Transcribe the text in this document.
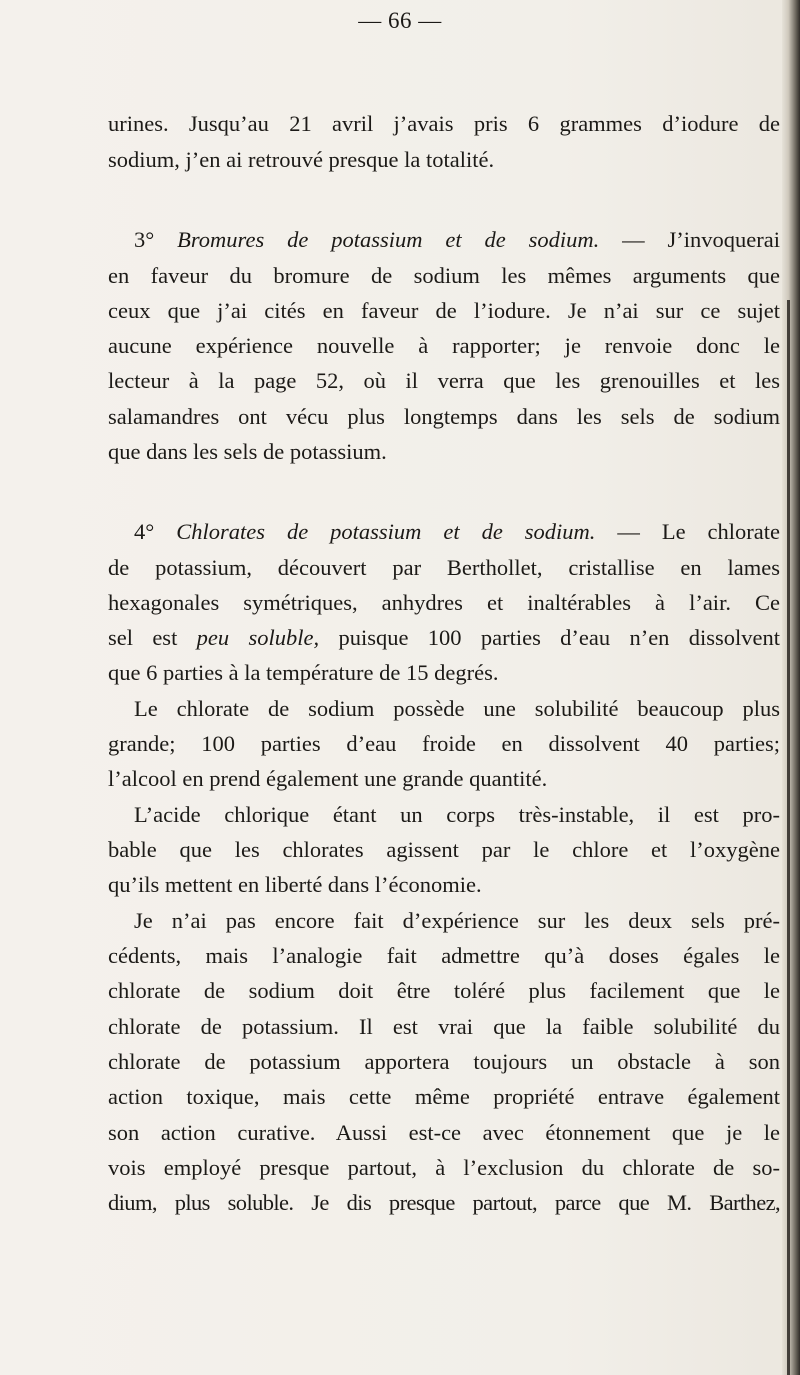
— 66 —
urines. Jusqu’au 21 avril j’avais pris 6 grammes d’iodure de
sodium, j’en ai retrouvé presque la totalité.
3° Bromures de potassium et de sodium. — J’invoquerai
en faveur du bromure de sodium les mêmes arguments que
ceux que j’ai cités en faveur de l’iodure. Je n’ai sur ce sujet
aucune expérience nouvelle à rapporter; je renvoie donc le
lecteur à la page 52, où il verra que les grenouilles et les
salamandres ont vécu plus longtemps dans les sels de sodium
que dans les sels de potassium.
4° Chlorates de potassium et de sodium. — Le chlorate
de potassium, découvert par Berthollet, cristallise en lames
hexagonales symétriques, anhydres et inaltérables à l’air. Ce
sel est peu soluble, puisque 100 parties d’eau n’en dissolvent
que 6 parties à la température de 15 degrés.
Le chlorate de sodium possède une solubilité beaucoup plus
grande; 100 parties d’eau froide en dissolvent 40 parties;
l’alcool en prend également une grande quantité.
L’acide chlorique étant un corps très-instable, il est pro-
bable que les chlorates agissent par le chlore et l’oxygène
qu’ils mettent en liberté dans l’économie.
Je n’ai pas encore fait d’expérience sur les deux sels pré-
cédents, mais l’analogie fait admettre qu’à doses égales le
chlorate de sodium doit être toléré plus facilement que le
chlorate de potassium. Il est vrai que la faible solubilité du
chlorate de potassium apportera toujours un obstacle à son
action toxique, mais cette même propriété entrave également
son action curative. Aussi est-ce avec étonnement que je le
vois employé presque partout, à l’exclusion du chlorate de so-
dium, plus soluble. Je dis presque partout, parce que M. Barthez,
